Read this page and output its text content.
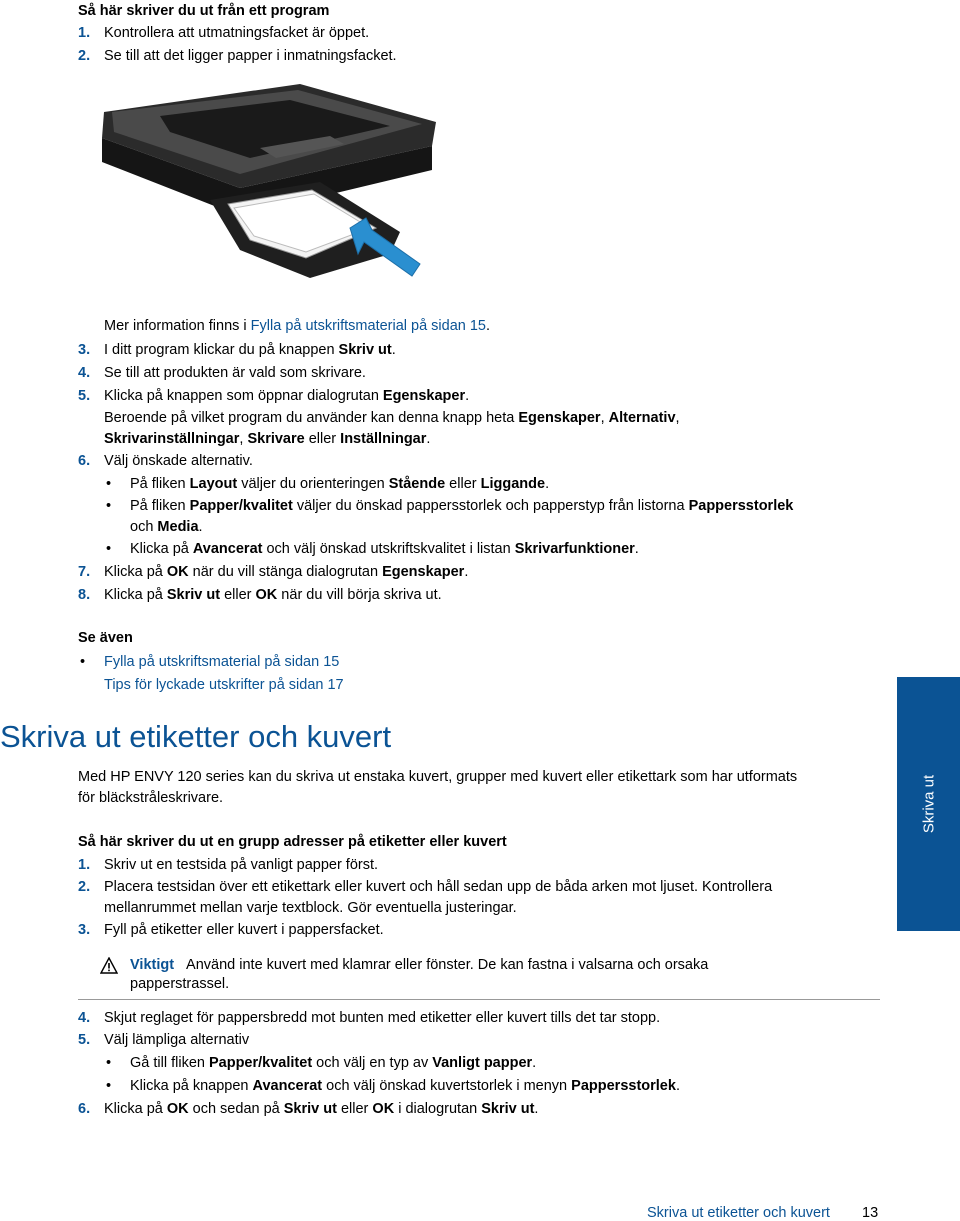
Så här skriver du ut från ett program
1. Kontrollera att utmatningsfacket är öppet.
2. Se till att det ligger papper i inmatningsfacket.
Mer information finns i Fylla på utskriftsmaterial på sidan 15.
3. I ditt program klickar du på knappen Skriv ut.
4. Se till att produkten är vald som skrivare.
5. Klicka på knappen som öppnar dialogrutan Egenskaper.
Beroende på vilket program du använder kan denna knapp heta Egenskaper, Alternativ,
Skrivarinställningar, Skrivare eller Inställningar.
6. Välj önskade alternativ.
• På fliken Layout väljer du orienteringen Stående eller Liggande.
• På fliken Papper/kvalitet väljer du önskad pappersstorlek och papperstyp från listorna Pappersstorlek
och Media.
• Klicka på Avancerat och välj önskad utskriftskvalitet i listan Skrivarfunktioner.
7. Klicka på OK när du vill stänga dialogrutan Egenskaper.
8. Klicka på Skriv ut eller OK när du vill börja skriva ut.
Se även
• Fylla på utskriftsmaterial på sidan 15
Tips för lyckade utskrifter på sidan 17
Skriva ut
Skriva ut etiketter och kuvert
Med HP ENVY 120 series kan du skriva ut enstaka kuvert, grupper med kuvert eller etikettark som har utformats
för bläckstråleskrivare.
Så här skriver du ut en grupp adresser på etiketter eller kuvert
1. Skriv ut en testsida på vanligt papper först.
2. Placera testsidan över ett etikettark eller kuvert och håll sedan upp de båda arken mot ljuset. Kontrollera
mellanrummet mellan varje textblock. Gör eventuella justeringar.
3. Fyll på etiketter eller kuvert i pappersfacket.
Viktigt Använd inte kuvert med klamrar eller fönster. De kan fastna i valsarna och orsaka
papperstrassel.
4. Skjut reglaget för pappersbredd mot bunten med etiketter eller kuvert tills det tar stopp.
5. Välj lämpliga alternativ
• Gå till fliken Papper/kvalitet och välj en typ av Vanligt papper.
• Klicka på knappen Avancerat och välj önskad kuvertstorlek i menyn Pappersstorlek.
6. Klicka på OK och sedan på Skriv ut eller OK i dialogrutan Skriv ut.
Skriva ut etiketter och kuvert 13
